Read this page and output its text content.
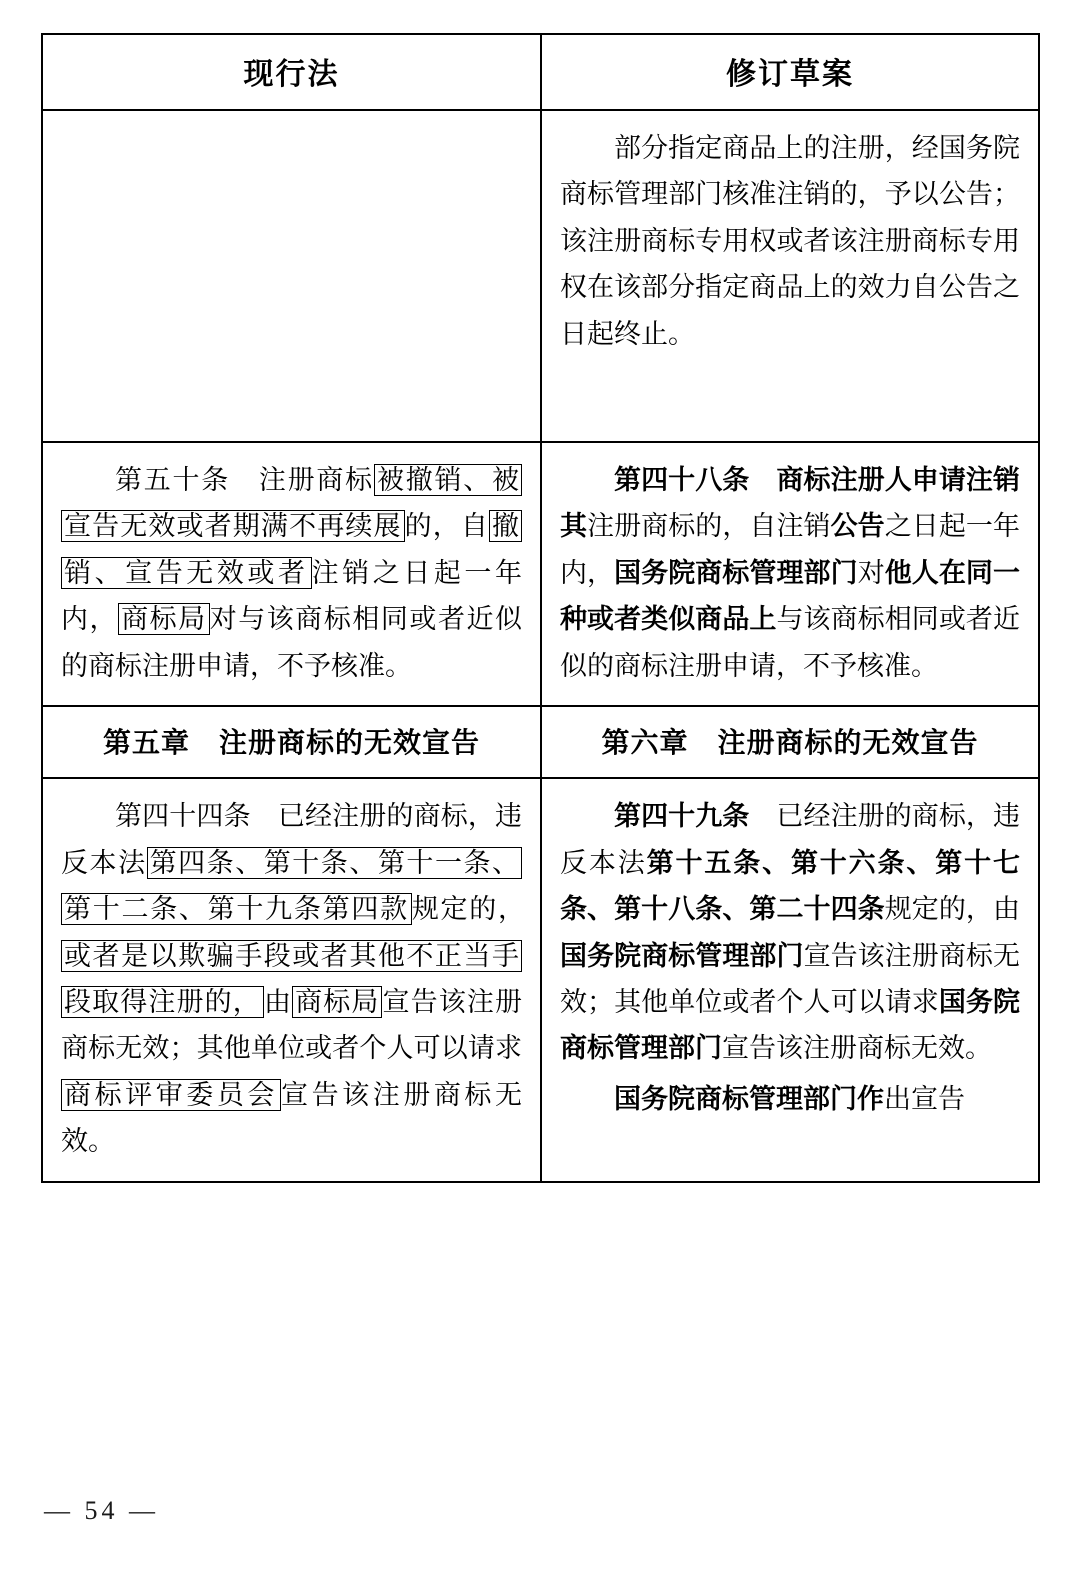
现行法	修订草案

	部分指定商品上的注册，经国务院商标管理部门核准注销的，予以公告；该注册商标专用权或者该注册商标专用权在该部分指定商品上的效力自公告之日起终止。

第五十条　注册商标 被撤销、被宣告无效或者期满不再续展 的，自 撤销、宣告无效或者 注销之日起一年内， 商标局 对与该商标相同或者近似的商标注册申请，不予核准。	第四十八条　 商标注册人申请注销其注册商标的，自注销公告之日起一年内，国务院商标管理部门对他人在同一种或者类似商品上与该商标相同或者近似的商标注册申请，不予核准。

第五章　注册商标的无效宣告	第六章　注册商标的无效宣告

第四十四条　已经注册的商标，违反本法 第四条、第十条、第十一条、第十二条、第十九条第四款 规定的，或者是以欺骗手段或者其他不正当手段取得注册的， 由 商标局 宣告该注册商标无效；其他单位或者个人可以请求商标评审委员会 宣告该注册商标无效。	第四十九条　已经注册的商标，违反本法第十五条、第十六条、第十七条、第十八条、第二十四条规定的，由国务院商标管理部门宣告该注册商标无效；其他单位或者个人可以请求国务院商标管理部门宣告该注册商标无效。

国务院商标管理部门作出宣告

— 54 —
